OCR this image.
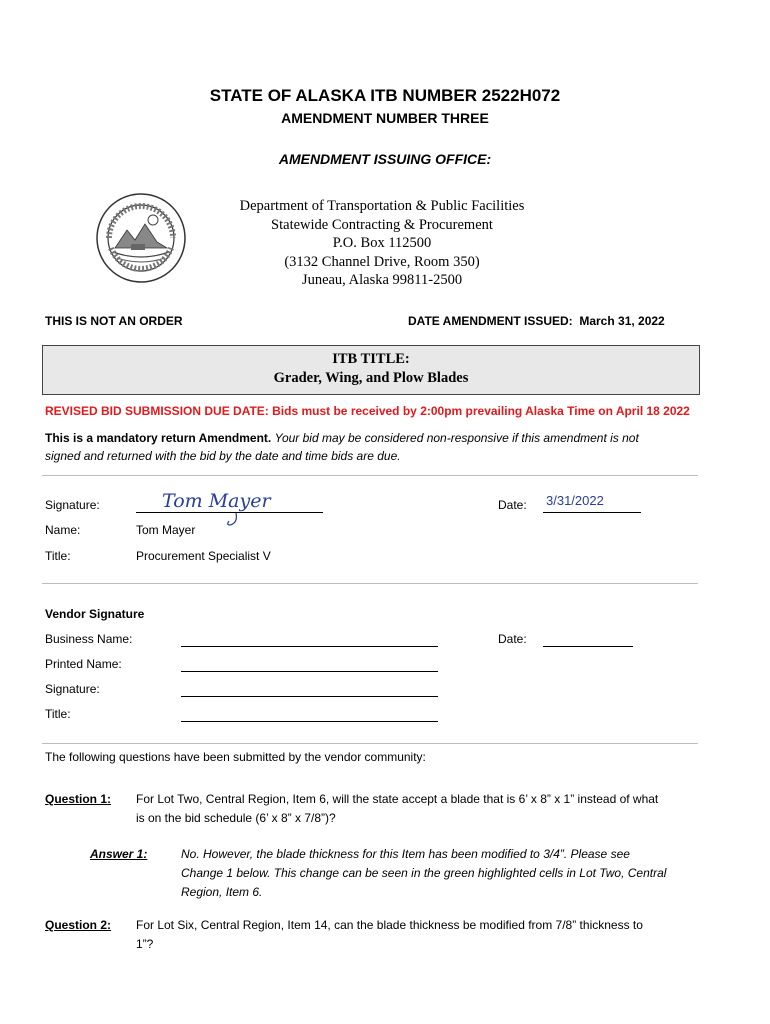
STATE OF ALASKA ITB NUMBER 2522H072
AMENDMENT NUMBER THREE
AMENDMENT ISSUING OFFICE:
Department of Transportation & Public Facilities
Statewide Contracting & Procurement
P.O. Box 112500
(3132 Channel Drive, Room 350)
Juneau, Alaska 99811-2500
THIS IS NOT AN ORDER	DATE AMENDMENT ISSUED: March 31, 2022
ITB TITLE:
Grader, Wing, and Plow Blades
REVISED BID SUBMISSION DUE DATE: Bids must be received by 2:00pm prevailing Alaska Time on April 18 2022
This is a mandatory return Amendment. Your bid may be considered non-responsive if this amendment is not
signed and returned with the bid by the date and time bids are due.
Signature:	Tom Mayer	Date: 3/31/2022
Name:	Tom Mayer
Title:	Procurement Specialist V
Vendor Signature
Business Name:	Date:
Printed Name:
Signature:
Title:
The following questions have been submitted by the vendor community:
Question 1: For Lot Two, Central Region, Item 6, will the state accept a blade that is 6’ x 8” x 1” instead of what
is on the bid schedule (6’ x 8” x 7/8”)?
Answer 1:	No. However, the blade thickness for this Item has been modified to 3/4”. Please see
Change 1 below. This change can be seen in the green highlighted cells in Lot Two, Central
Region, Item 6.
Question 2: For Lot Six, Central Region, Item 14, can the blade thickness be modified from 7/8” thickness to
1”?
